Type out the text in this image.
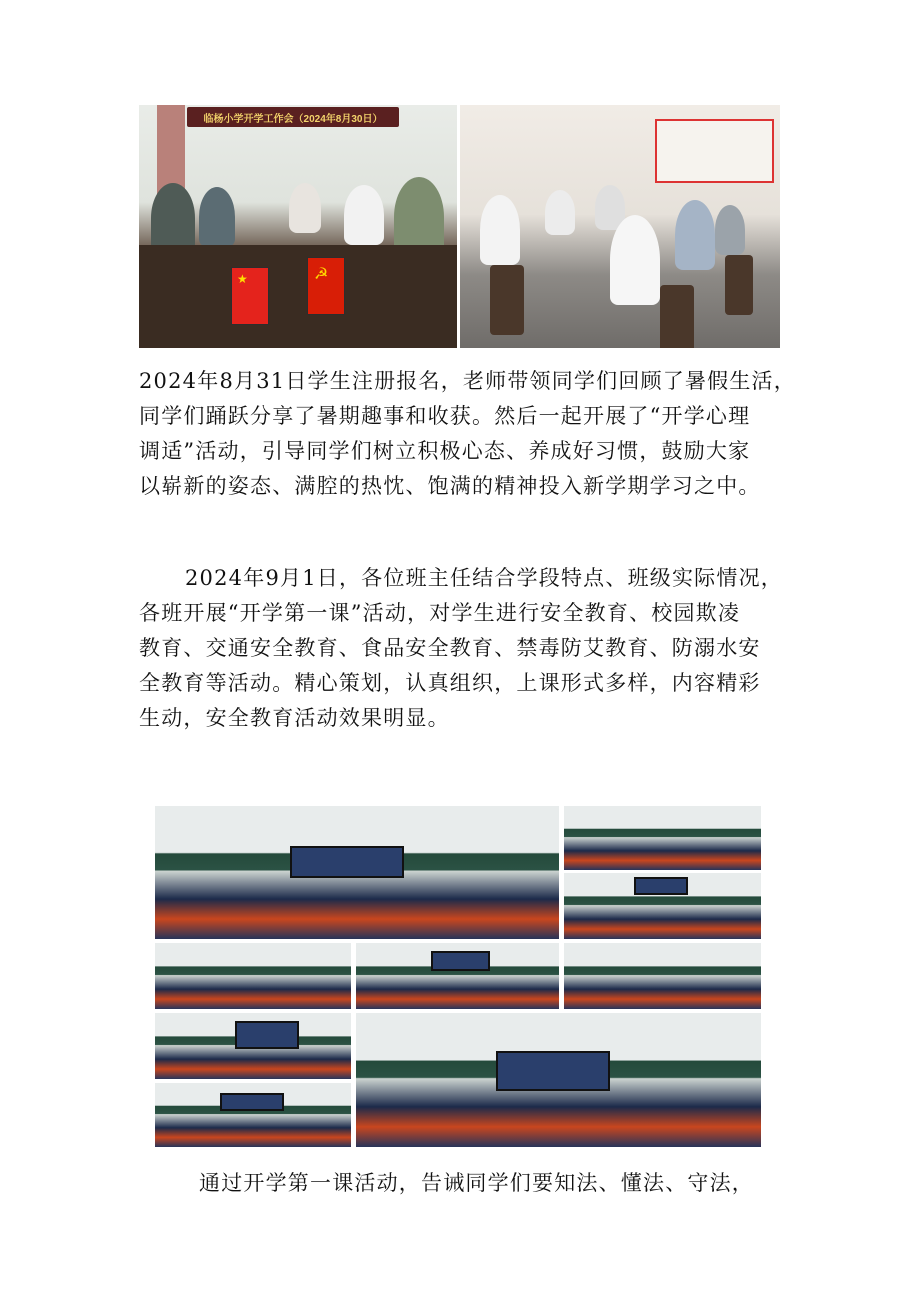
临杨小学开学工作会（2024年8月30日）
★
☭
2024年8月31日学生注册报名，老师带领同学们回顾了暑假生活，
同学们踊跃分享了暑期趣事和收获。然后一起开展了“开学心理
调适”活动，引导同学们树立积极心态、养成好习惯，鼓励大家
以崭新的姿态、满腔的热忱、饱满的精神投入新学期学习之中。
2024年9月1日，各位班主任结合学段特点、班级实际情况，
各班开展“开学第一课”活动，对学生进行安全教育、校园欺凌
教育、交通安全教育、食品安全教育、禁毒防艾教育、防溺水安
全教育等活动。精心策划，认真组织，上课形式多样，内容精彩
生动，安全教育活动效果明显。
通过开学第一课活动，告诫同学们要知法、懂法、守法，
